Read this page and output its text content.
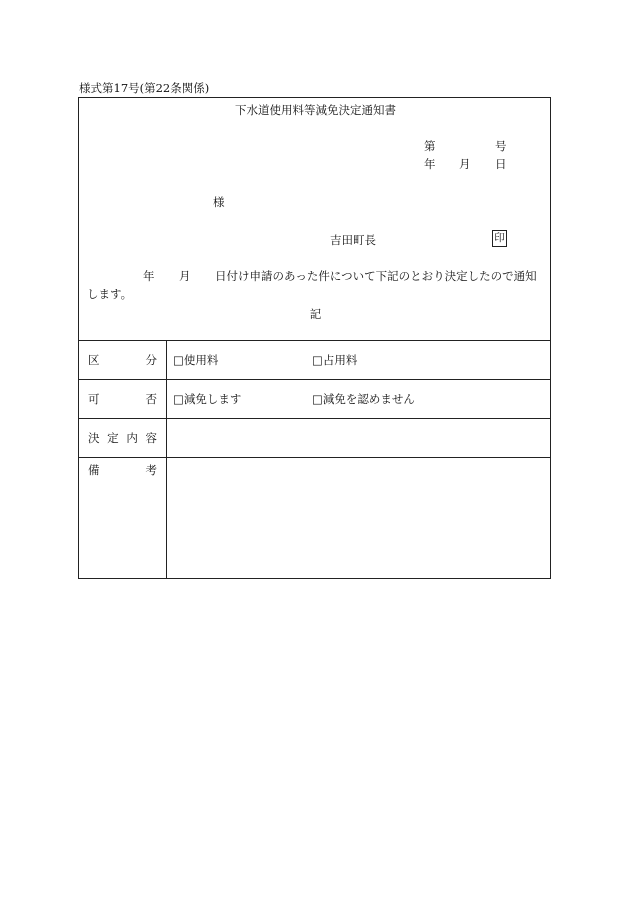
様式第17号(第22条関係)
下水道使用料等減免決定通知書
第	号
年 月 日
様
吉田町長	印
年 月 日付け申請のあった件について下記のとおり決定したので通知
します。
記
区	分 □使用料	□占用料
可	否 □減免します	□減免を認めません
決 定 内 容
備	考
